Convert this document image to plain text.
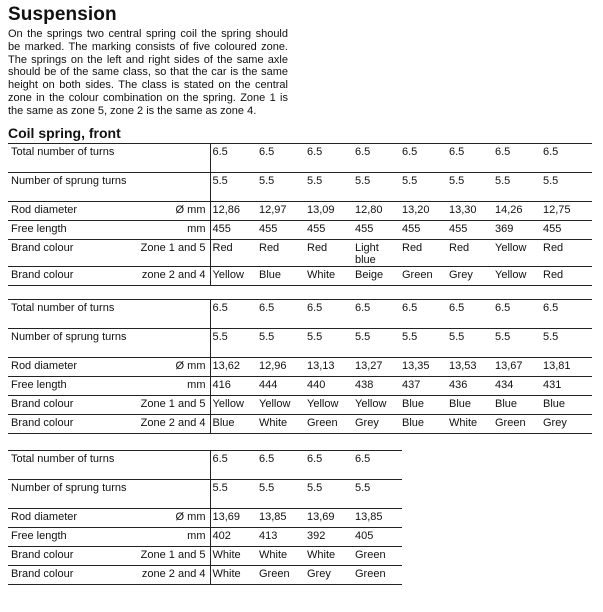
Suspension

On the springs two central spring coil the spring should be marked. The marking consists of five coloured zone. The springs on the left and right sides of the same axle should be of the same class, so that the car is the same height on both sides. The class is stated on the central zone in the colour combination on the spring. Zone 1 is the same as zone 5, zone 2 is the same as zone 4.

Coil spring, front
Total number of turns		6.5	6.5	6.5	6.5	6.5	6.5	6.5	6.5
Number of sprung turns		5.5	5.5	5.5	5.5	5.5	5.5	5.5	5.5
Rod diameter	Ø mm	12,86	12,97	13,09	12,80	13,20	13,30	14,26	12,75
Free length	mm	455	455	455	455	455	455	369	455
Brand colour	Zone 1 and 5	Red	Red	Red	Light blue	Red	Red	Yellow	Red
Brand colour	zone 2 and 4	Yellow	Blue	White	Beige	Green	Grey	Yellow	Red
Total number of turns		6.5	6.5	6.5	6.5	6.5	6.5	6.5	6.5
Number of sprung turns		5.5	5.5	5.5	5.5	5.5	5.5	5.5	5.5
Rod diameter	Ø mm	13,62	12,96	13,13	13,27	13,35	13,53	13,67	13,81
Free length	mm	416	444	440	438	437	436	434	431
Brand colour	Zone 1 and 5	Yellow	Yellow	Yellow	Yellow	Blue	Blue	Blue	Blue
Brand colour	Zone 2 and 4	Blue	White	Green	Grey	Blue	White	Green	Grey
Total number of turns		6.5	6.5	6.5	6.5
Number of sprung turns		5.5	5.5	5.5	5.5
Rod diameter	Ø mm	13,69	13,85	13,69	13,85
Free length	mm	402	413	392	405
Brand colour	Zone 1 and 5	White	White	White	Green
Brand colour	zone 2 and 4	White	Green	Grey	Green
